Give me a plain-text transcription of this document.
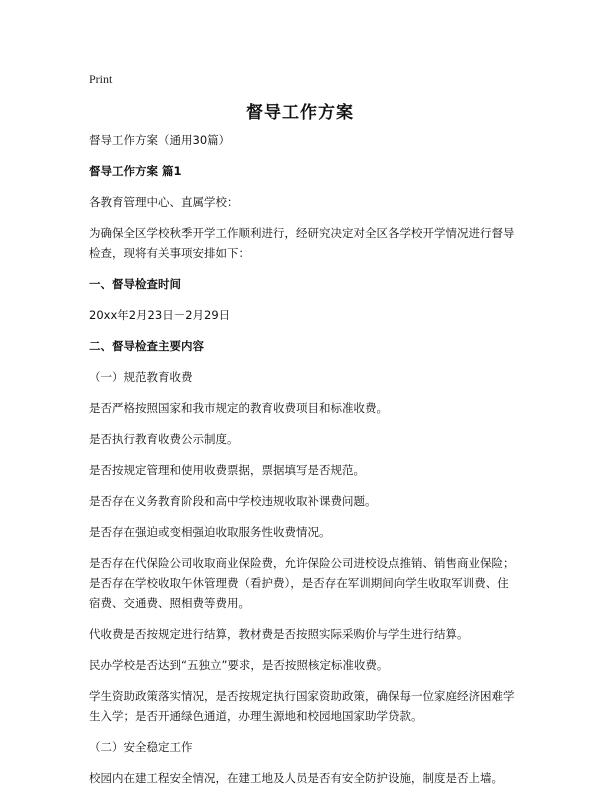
Print
督导工作方案

督导工作方案（通用30篇）

督导工作方案 篇1

各教育管理中心、直属学校：

为确保全区学校秋季开学工作顺利进行，经研究决定对全区各学校开学情况进行督导检查，现将有关事项安排如下：

一、督导检查时间

20xx年2月23日－2月29日

二、督导检查主要内容

（一）规范教育收费

是否严格按照国家和我市规定的教育收费项目和标准收费。

是否执行教育收费公示制度。

是否按规定管理和使用收费票据，票据填写是否规范。

是否存在义务教育阶段和高中学校违规收取补课费问题。

是否存在强迫或变相强迫收取服务性收费情况。

是否存在代保险公司收取商业保险费，允许保险公司进校设点推销、销售商业保险；是否存在学校收取午休管理费（看护费），是否存在军训期间向学生收取军训费、住宿费、交通费、照相费等费用。

代收费是否按规定进行结算，教材费是否按照实际采购价与学生进行结算。

民办学校是否达到“五独立”要求，是否按照核定标准收费。

学生资助政策落实情况，是否按规定执行国家资助政策，确保每一位家庭经济困难学生入学；是否开通绿色通道，办理生源地和校园地国家助学贷款。

（二）安全稳定工作

校园内在建工程安全情况，在建工地及人员是否有安全防护设施，制度是否上墙。
